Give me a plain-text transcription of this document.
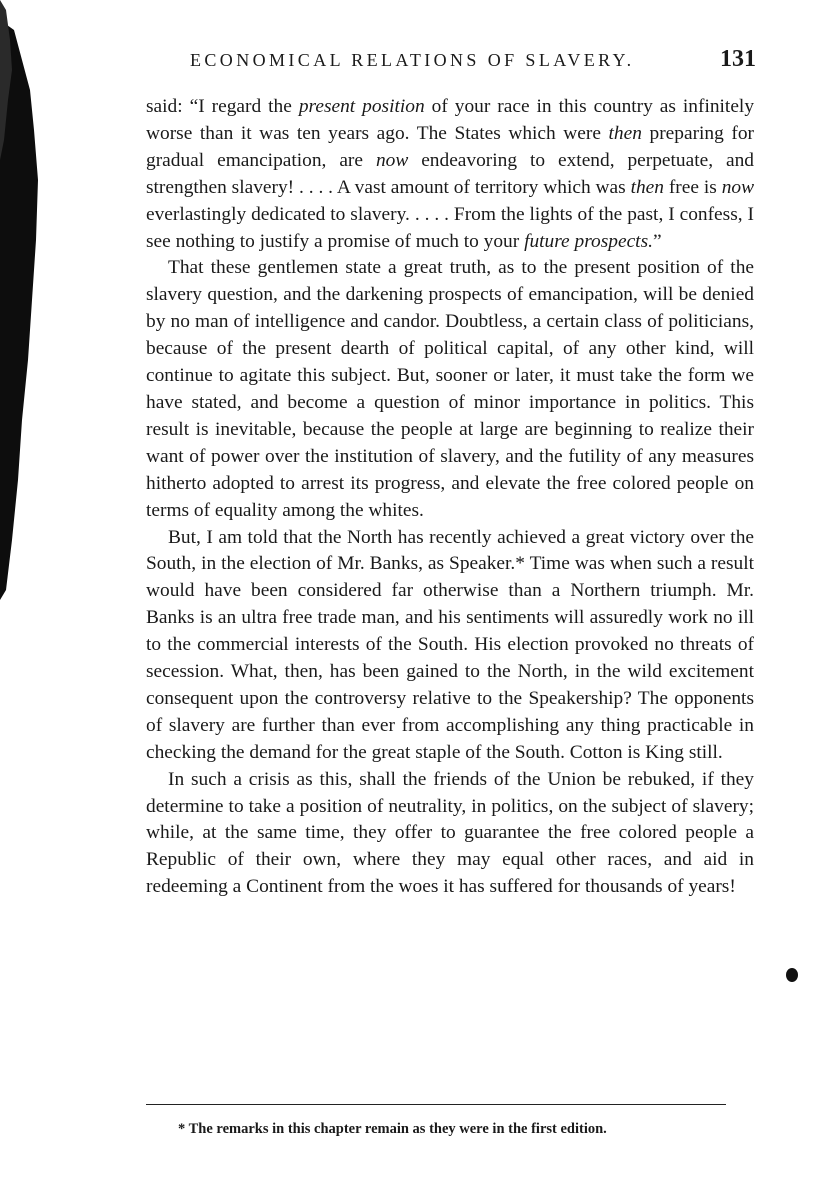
ECONOMICAL RELATIONS OF SLAVERY.	131

said: “I regard the present position of your race in this country as infinitely worse than it was ten years ago. The States which were then preparing for gradual emancipation, are now endeavoring to extend, perpetuate, and strengthen slavery! . . . . A vast amount of territory which was then free is now everlastingly dedicated to slavery. . . . . From the lights of the past, I confess, I see nothing to justify a promise of much to your future prospects.”

That these gentlemen state a great truth, as to the present position of the slavery question, and the darkening prospects of emancipation, will be denied by no man of intelligence and candor. Doubtless, a certain class of politicians, because of the present dearth of political capital, of any other kind, will continue to agitate this subject. But, sooner or later, it must take the form we have stated, and become a question of minor importance in politics. This result is inevitable, because the people at large are beginning to realize their want of power over the institution of slavery, and the futility of any measures hitherto adopted to arrest its progress, and elevate the free colored people on terms of equality among the whites.

But, I am told that the North has recently achieved a great victory over the South, in the election of Mr. Banks, as Speaker.* Time was when such a result would have been considered far otherwise than a Northern triumph. Mr. Banks is an ultra free trade man, and his sentiments will assuredly work no ill to the commercial interests of the South. His election provoked no threats of secession. What, then, has been gained to the North, in the wild excitement consequent upon the controversy relative to the Speakership? The opponents of slavery are further than ever from accomplishing any thing practicable in checking the demand for the great staple of the South. Cotton is King still.

In such a crisis as this, shall the friends of the Union be rebuked, if they determine to take a position of neutrality, in politics, on the subject of slavery; while, at the same time, they offer to guarantee the free colored people a Republic of their own, where they may equal other races, and aid in redeeming a Continent from the woes it has suffered for thousands of years!

* The remarks in this chapter remain as they were in the first edition.
